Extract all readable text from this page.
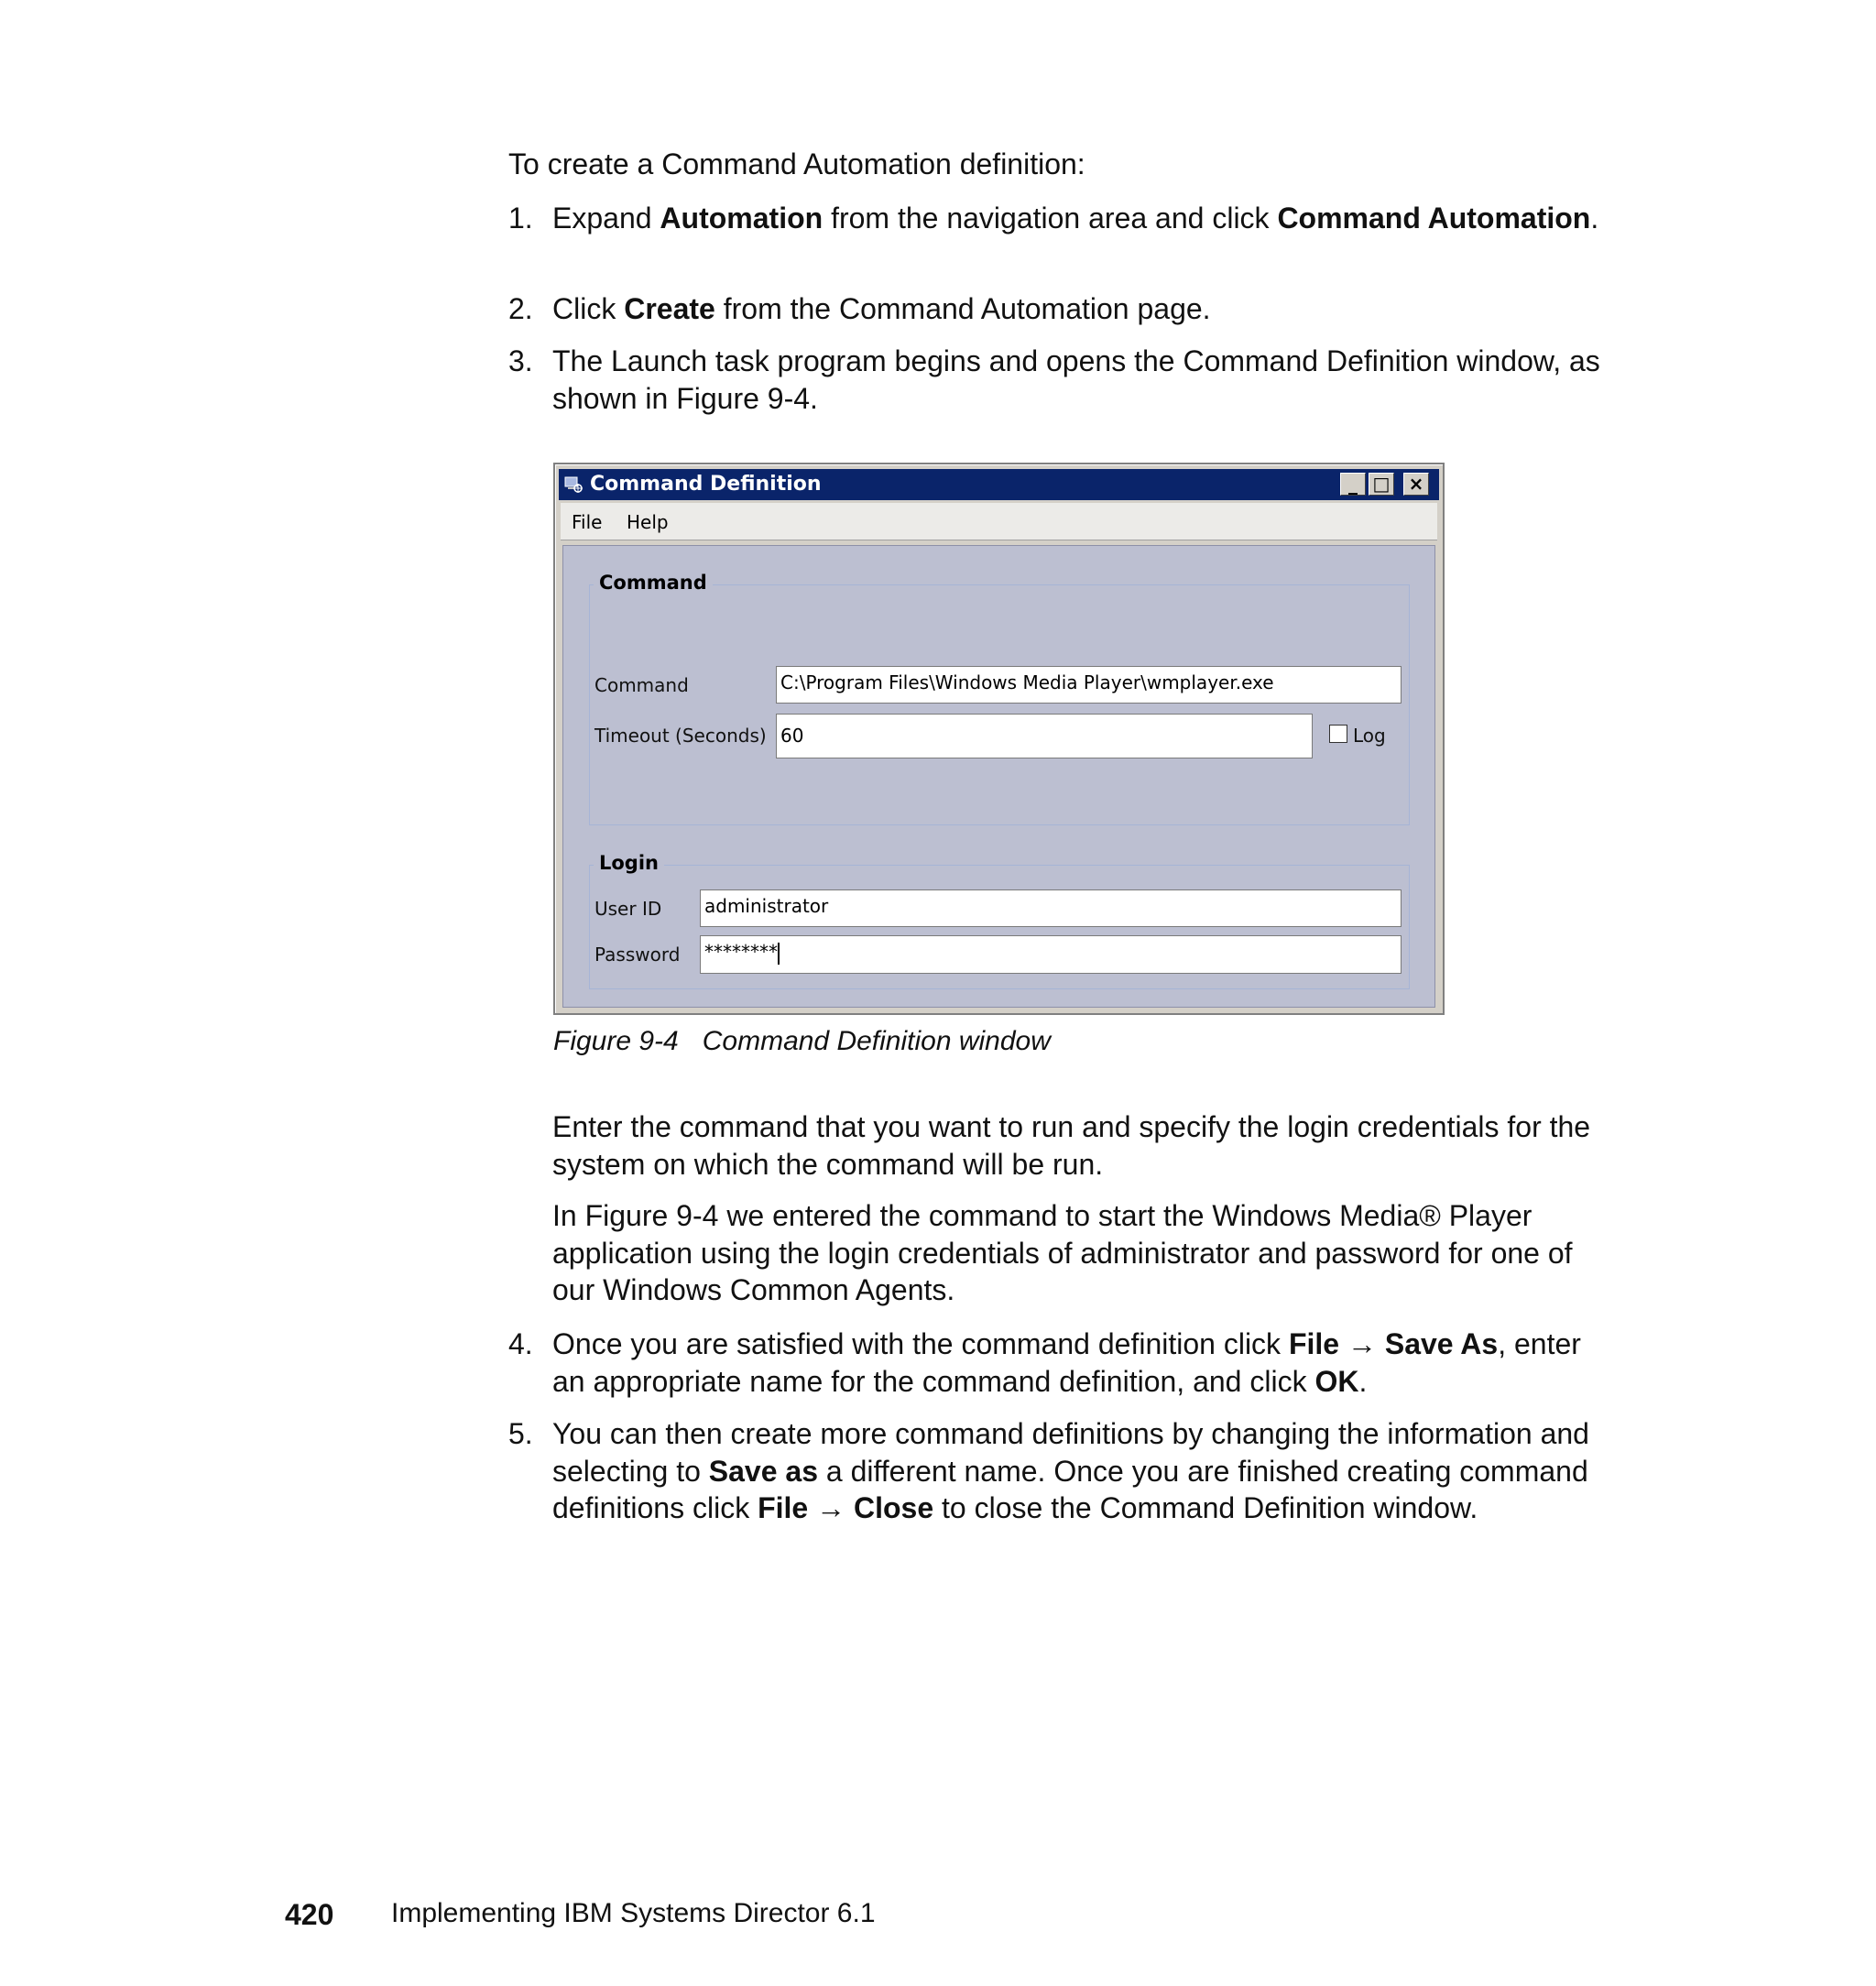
To create a Command Automation definition:
1. Expand Automation from the navigation area and click Command Automation.
2. Click Create from the Command Automation page.
3. The Launch task program begins and opens the Command Definition window, as shown in Figure 9-4.
Command Definition	_ □ ×
File Help
Command
Command	C:\Program Files\Windows Media Player\wmplayer.exe
Timeout (Seconds) 60	Log
Login
User ID administrator
Password ********
Figure 9-4 Command Definition window
Enter the command that you want to run and specify the login credentials for the system on which the command will be run.
In Figure 9-4 we entered the command to start the Windows Media® Player application using the login credentials of administrator and password for one of our Windows Common Agents.
4. Once you are satisfied with the command definition click File → Save As, enter an appropriate name for the command definition, and click OK.
5. You can then create more command definitions by changing the information and selecting to Save as a different name. Once you are finished creating command definitions click File → Close to close the Command Definition window.
420 Implementing IBM Systems Director 6.1
